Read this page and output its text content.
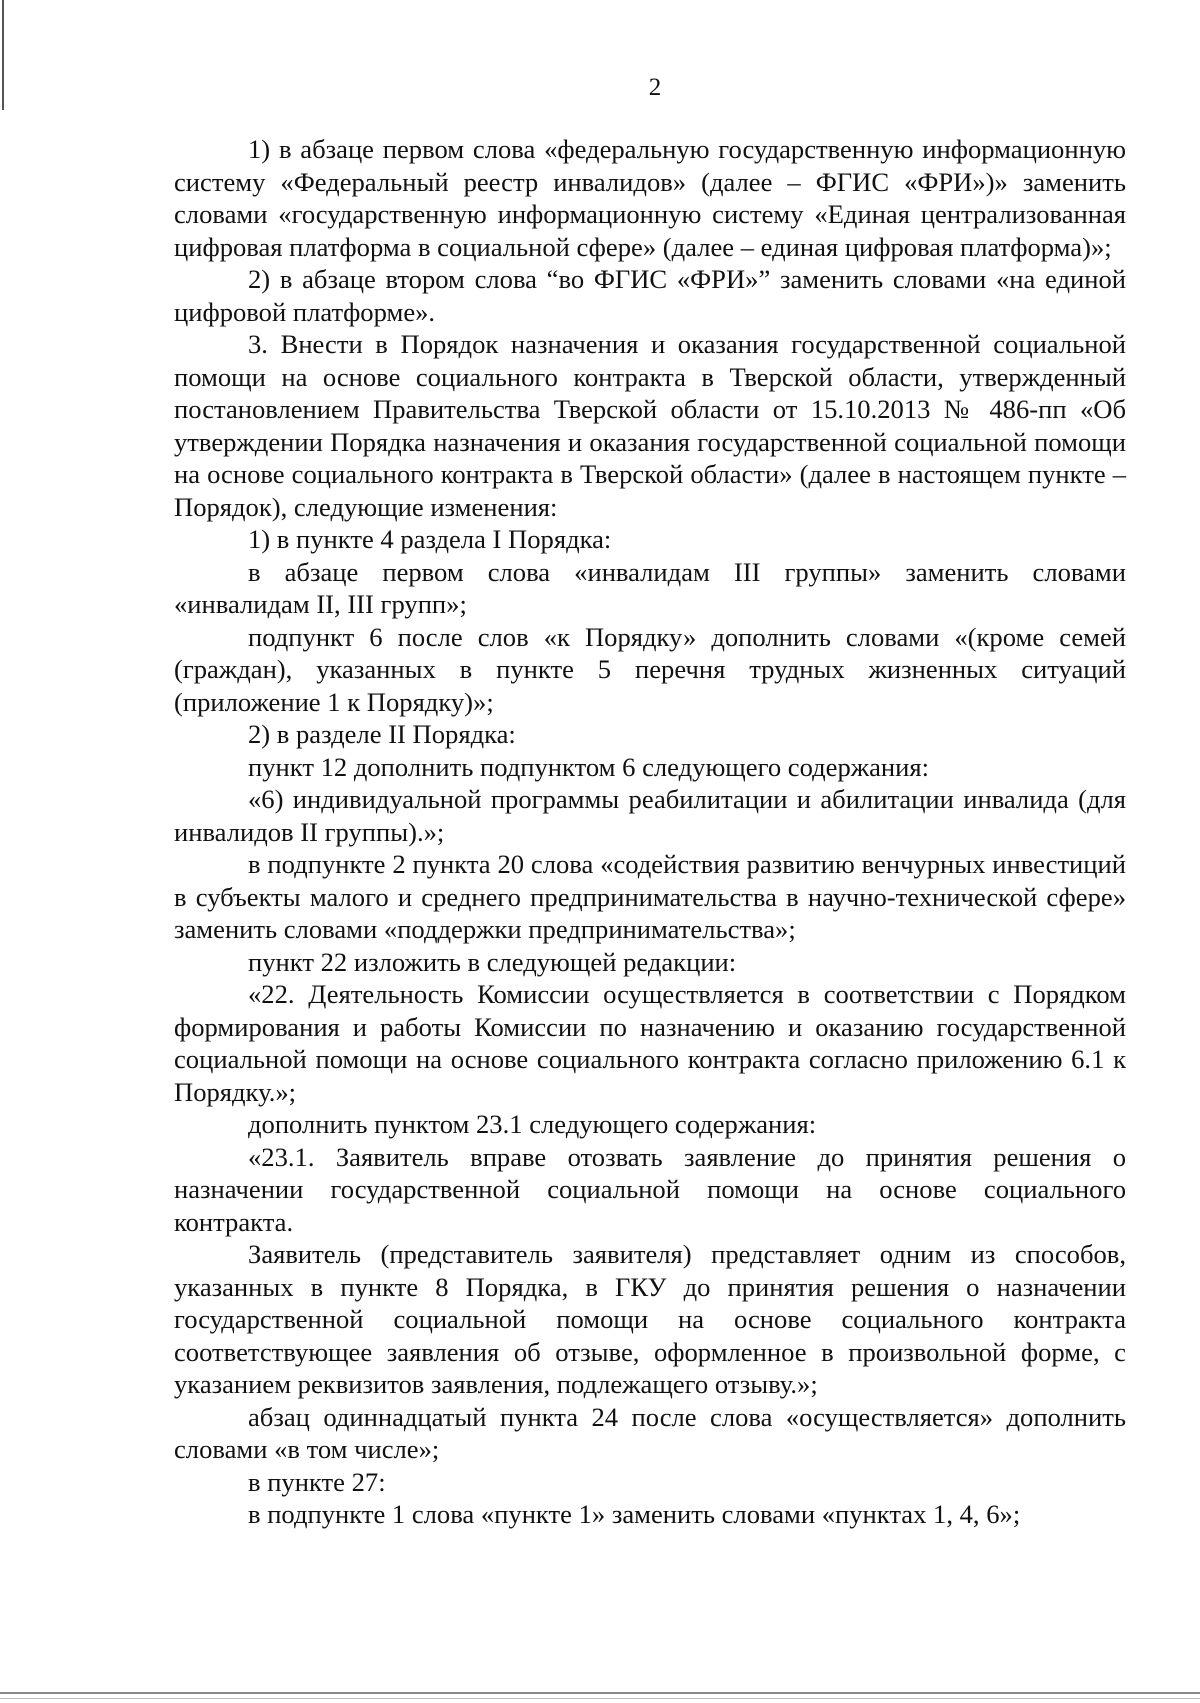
2

1) в абзаце первом слова «федеральную государственную информационную систему «Федеральный реестр инвалидов» (далее – ФГИС «ФРИ»)» заменить словами «государственную информационную систему «Единая централизованная цифровая платформа в социальной сфере» (далее – единая цифровая платформа)»;

2) в абзаце втором слова “во ФГИС «ФРИ»” заменить словами «на единой цифровой платформе».

3. Внести в Порядок назначения и оказания государственной социальной помощи на основе социального контракта в Тверской области, утвержденный постановлением Правительства Тверской области от 15.10.2013 № 486-пп «Об утверждении Порядка назначения и оказания государственной социальной помощи на основе социального контракта в Тверской области» (далее в настоящем пункте – Порядок), следующие изменения:

1) в пункте 4 раздела I Порядка:

в абзаце первом слова «инвалидам III группы» заменить словами «инвалидам II, III групп»;

подпункт 6 после слов «к Порядку» дополнить словами «(кроме семей (граждан), указанных в пункте 5 перечня трудных жизненных ситуаций (приложение 1 к Порядку)»;

2) в разделе II Порядка:

пункт 12 дополнить подпунктом 6 следующего содержания:

«6) индивидуальной программы реабилитации и абилитации инвалида (для инвалидов II группы).»;

в подпункте 2 пункта 20 слова «содействия развитию венчурных инвестиций в субъекты малого и среднего предпринимательства в научно-технической сфере» заменить словами «поддержки предпринимательства»;

пункт 22 изложить в следующей редакции:

«22. Деятельность Комиссии осуществляется в соответствии с Порядком формирования и работы Комиссии по назначению и оказанию государственной социальной помощи на основе социального контракта согласно приложению 6.1 к Порядку.»;

дополнить пунктом 23.1 следующего содержания:

«23.1. Заявитель вправе отозвать заявление до принятия решения о назначении государственной социальной помощи на основе социального контракта.

Заявитель (представитель заявителя) представляет одним из способов, указанных в пункте 8 Порядка, в ГКУ до принятия решения о назначении государственной социальной помощи на основе социального контракта соответствующее заявления об отзыве, оформленное в произвольной форме, с указанием реквизитов заявления, подлежащего отзыву.»;

абзац одиннадцатый пункта 24 после слова «осуществляется» дополнить словами «в том числе»;

в пункте 27:

в подпункте 1 слова «пункте 1» заменить словами «пунктах 1, 4, 6»;
